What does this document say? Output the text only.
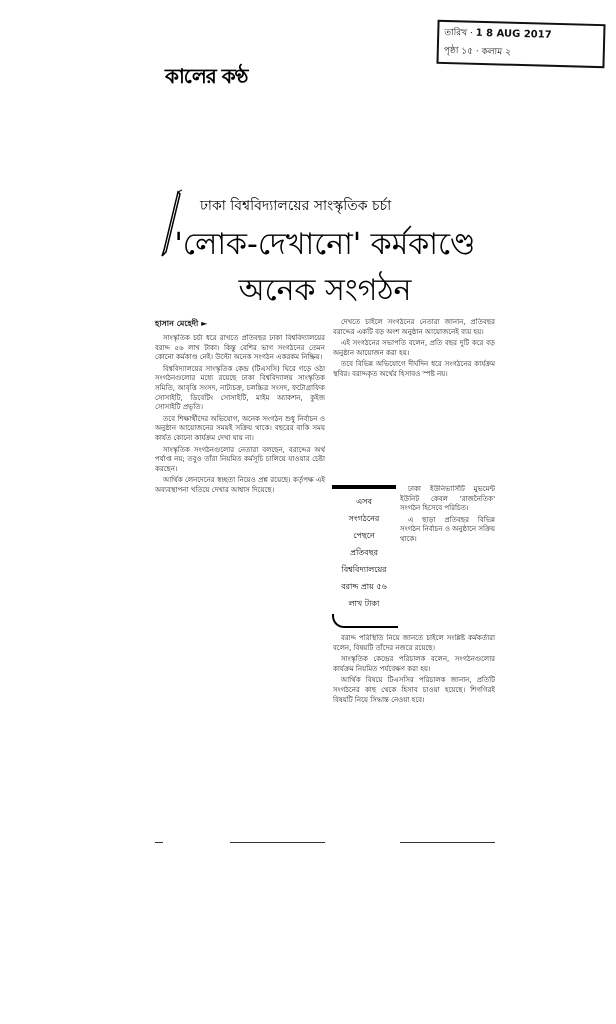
তারিখ · 1 8 AUG 2017
পৃষ্ঠা ১৫ · কলাম ২
কালের কণ্ঠ
ঢাকা বিশ্ববিদ্যালয়ের সাংস্কৃতিক চর্চা
'লোক-দেখানো' কর্মকাণ্ডে
অনেক সংগঠন
হাসান মেহেদী ►

সাংস্কৃতিক চর্চা ধরে রাখতে প্রতিবছর ঢাকা বিশ্ববিদ্যালয়ের বরাদ্দ ৫৬ লাখ টাকা। কিন্তু বেশির ভাগ সংগঠনের তেমন কোনো কর্মকাণ্ড নেই। উল্টো অনেক সংগঠন একরকম নিষ্ক্রিয়।

বিশ্ববিদ্যালয়ের সাংস্কৃতিক কেন্দ্র (টিএসসি) ঘিরে গড়ে ওঠা সংগঠনগুলোর মধ্যে রয়েছে ঢাকা বিশ্ববিদ্যালয় সাংস্কৃতিক সমিতি, আবৃত্তি সংসদ, নাট্যচক্র, চলচ্চিত্র সংসদ, ফটোগ্রাফিক সোসাইটি, ডিবেটিং সোসাইটি, মাইম অ্যাকশন, কুইজ সোসাইটি প্রভৃতি।

তবে শিক্ষার্থীদের অভিযোগ, অনেক সংগঠন শুধু নির্বাচন ও অনুষ্ঠান আয়োজনের সময়ই সক্রিয় থাকে। বছরের বাকি সময় কার্যত কোনো কার্যক্রম দেখা যায় না।

সাংস্কৃতিক সংগঠনগুলোর নেতারা বলছেন, বরাদ্দের অর্থ পর্যাপ্ত নয়; তবুও তাঁরা নিয়মিত কর্মসূচি চালিয়ে যাওয়ার চেষ্টা করছেন।

আর্থিক লেনদেনের স্বচ্ছতা নিয়েও প্রশ্ন রয়েছে। কর্তৃপক্ষ এই অব্যবস্থাপনা খতিয়ে দেখার আশ্বাস দিয়েছে।

দেখতে চাইলে সংগঠনের নেতারা জানান, প্রতিবছর বরাদ্দের একটি বড় অংশ অনুষ্ঠান আয়োজনেই ব্যয় হয়।

এই সংগঠনের সভাপতি বলেন, প্রতি বছর দুটি করে বড় অনুষ্ঠান আয়োজন করা হয়।

তবে বিভিন্ন অভিযোগে দীর্ঘদিন ধরে সংগঠনের কার্যক্রম স্থবির। বরাদ্দকৃত অর্থের হিসাবও স্পষ্ট নয়।

এসব
সংগঠনের
পেছনে
প্রতিবছর
বিশ্ববিদ্যালয়ের
বরাদ্দ প্রায় ৫৬
লাখ টাকা

ঢাকা ইউনিভার্সিটি মুভমেন্ট ইউনিট কেবল 'রাজনৈতিক' সংগঠন হিসেবে পরিচিত।

এ ছাড়া প্রতিবছর বিভিন্ন সংগঠন নির্বাচন ও অনুষ্ঠানে সক্রিয় থাকে।

বরাদ্দ পরিস্থিতি নিয়ে জানতে চাইলে সংশ্লিষ্ট কর্মকর্তারা বলেন, বিষয়টি তাঁদের নজরে রয়েছে।

সাংস্কৃতিক কেন্দ্রের পরিচালক বলেন, সংগঠনগুলোর কার্যক্রম নিয়মিত পর্যবেক্ষণ করা হয়।

আর্থিক বিষয়ে টিএসসির পরিচালক জানান, প্রতিটি সংগঠনের কাছ থেকে হিসাব চাওয়া হয়েছে। শিগগিরই বিষয়টি নিয়ে সিদ্ধান্ত নেওয়া হবে।
